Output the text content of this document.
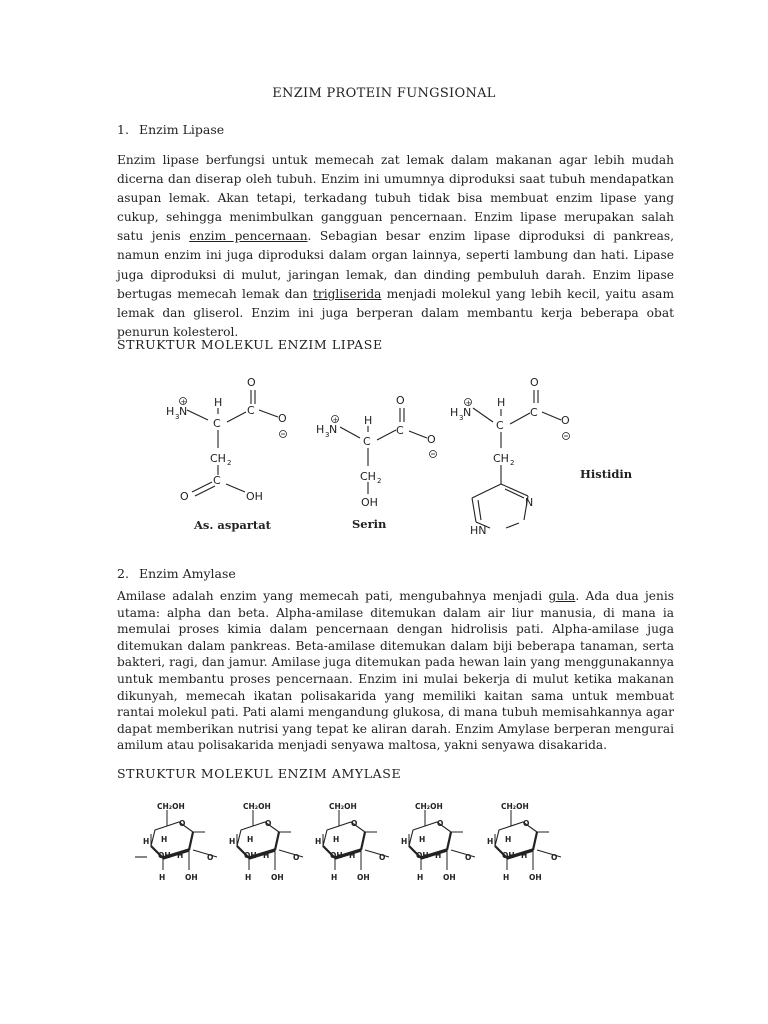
ENZIM PROTEIN FUNGSIONAL
1. Enzim Lipase
Enzim lipase berfungsi untuk memecah zat lemak dalam makanan agar lebih mudah dicerna dan diserap oleh tubuh. Enzim ini umumnya diproduksi saat tubuh mendapatkan asupan lemak. Akan tetapi, terkadang tubuh tidak bisa membuat enzim lipase yang cukup, sehingga menimbulkan gangguan pencernaan. Enzim lipase merupakan salah satu jenis enzim pencernaan. Sebagian besar enzim lipase diproduksi di pankreas, namun enzim ini juga diproduksi dalam organ lainnya, seperti lambung dan hati. Lipase juga diproduksi di mulut, jaringan lemak, dan dinding pembuluh darah. Enzim lipase bertugas memecah lemak dan trigliserida menjadi molekul yang lebih kecil, yaitu asam lemak dan gliserol. Enzim ini juga berperan dalam membantu kerja beberapa obat penurun kolesterol.
STRUKTUR MOLEKUL ENZIM LIPASE
H 3 N
+	H
C
O
C
O
CH 2
C
O	OH
As. aspartat
H 3 N
+ H
C
O
C
O
CH 2
OH
Serin
H 3 N
+ H
C
O
C
O
CH 2
N
HN
Histidin
2. Enzim Amylase
Amilase adalah enzim yang memecah pati, mengubahnya menjadi gula. Ada dua jenis utama: alpha dan beta. Alpha-amilase ditemukan dalam air liur manusia, di mana ia memulai proses kimia dalam pencernaan dengan hidrolisis pati. Alpha-amilase juga ditemukan dalam pankreas. Beta-amilase ditemukan dalam biji beberapa tanaman, serta bakteri, ragi, dan jamur. Amilase juga ditemukan pada hewan lain yang menggunakannya untuk membantu proses pencernaan. Enzim ini mulai bekerja di mulut ketika makanan dikunyah, memecah ikatan polisakarida yang memiliki kaitan sama untuk membuat rantai molekul pati. Pati alami mengandung glukosa, di mana tubuh memisahkannya agar dapat memberikan nutrisi yang tepat ke aliran darah. Enzim Amylase berperan mengurai amilum atau polisakarida menjadi senyawa maltosa, yakni senyawa disakarida.
STRUKTUR MOLEKUL ENZIM AMYLASE
CH₂OH
O
H H
OH H
H	OH
O
CH₂OH
O
H H
OH H
H	OH
O
CH₂OH
O
H H
OH H
H	OH
O
CH₂OH
O
H H
OH H
H	OH
O
CH₂OH
O
H H
OH H
H	OH
O
